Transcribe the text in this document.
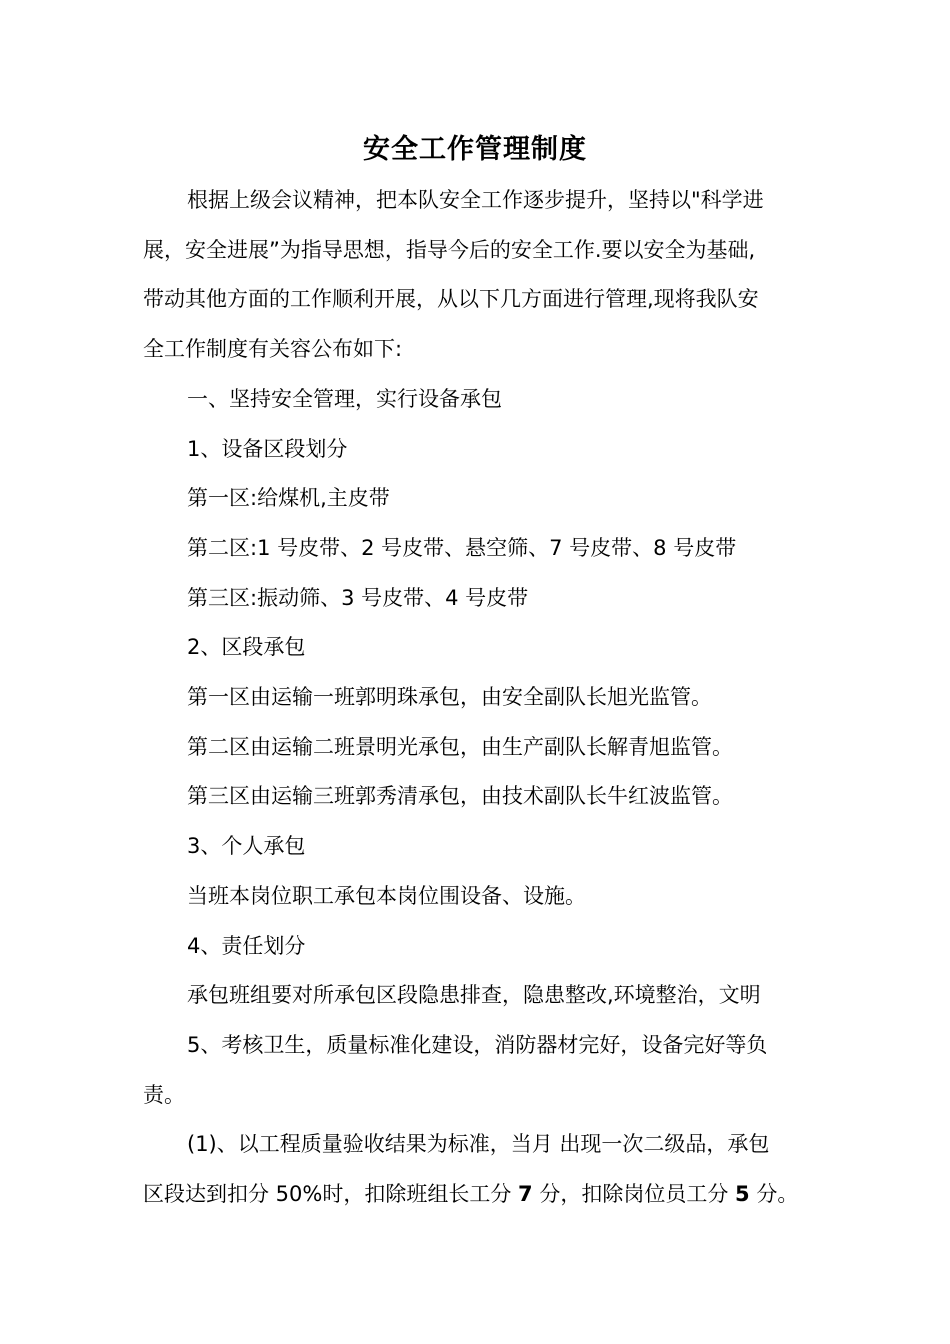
安全工作管理制度

根据上级会议精神，把本队安全工作逐步提升，坚持以"科学进

展，安全进展”为指导思想，指导今后的安全工作.要以安全为基础,

带动其他方面的工作顺利开展，从以下几方面进行管理,现将我队安

全工作制度有关容公布如下:

一、坚持安全管理，实行设备承包

1、设备区段划分

第一区:给煤机,主皮带

第二区:1 号皮带、2 号皮带、悬空筛、7 号皮带、8 号皮带

第三区:振动筛、3 号皮带、4 号皮带

2、区段承包

第一区由运输一班郭明珠承包，由安全副队长旭光监管。

第二区由运输二班景明光承包，由生产副队长解青旭监管。

第三区由运输三班郭秀清承包，由技术副队长牛红波监管。

3、个人承包

当班本岗位职工承包本岗位围设备、设施。

4、责任划分

承包班组要对所承包区段隐患排查，隐患整改,环境整治，文明

5、考核卫生，质量标准化建设，消防器材完好，设备完好等负

责。

(1)、以工程质量验收结果为标准，当月 出现一次二级品，承包

区段达到扣分 50%时，扣除班组长工分 7 分，扣除岗位员工分 5 分。
